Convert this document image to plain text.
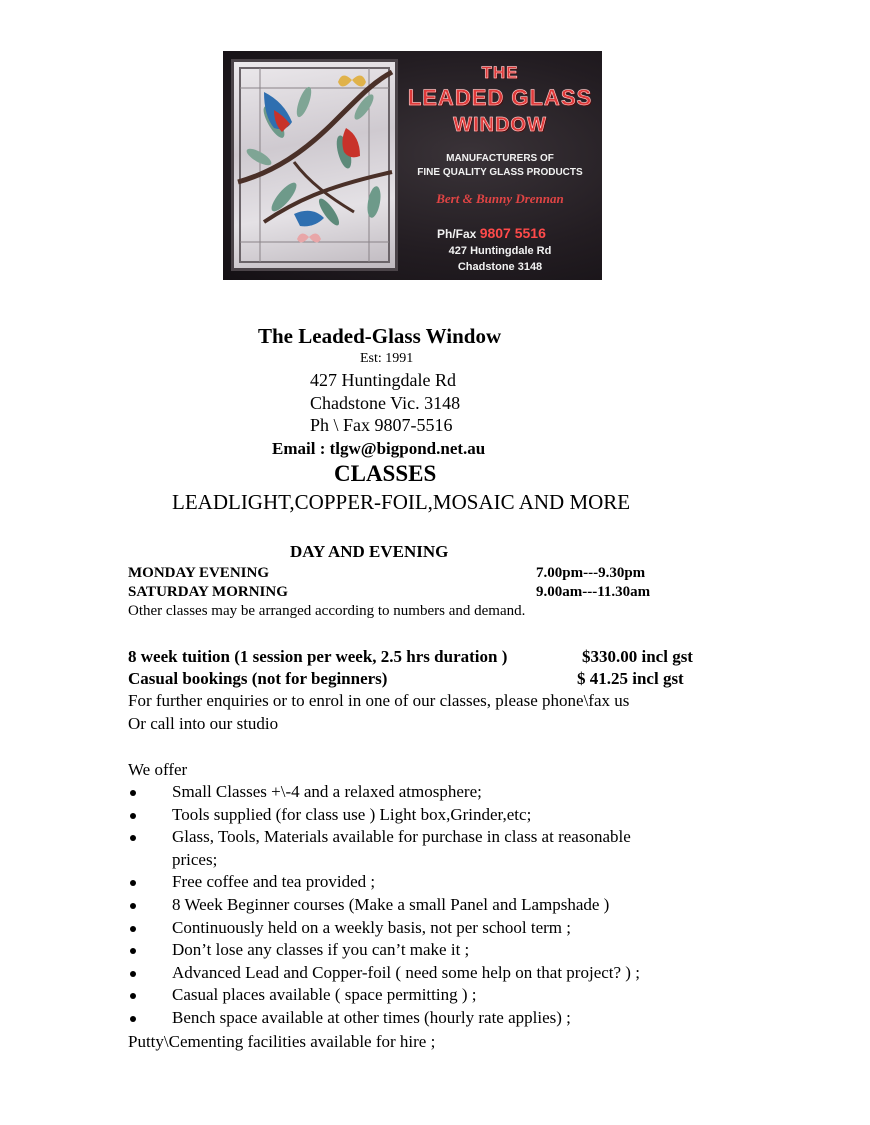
THE
LEADED GLASS
WINDOW
MANUFACTURERS OF
FINE QUALITY GLASS PRODUCTS
Bert & Bunny Drennan
Ph/Fax 9807 5516
427 Huntingdale Rd
Chadstone 3148
The Leaded-Glass Window
Est: 1991
427 Huntingdale Rd
Chadstone Vic. 3148
Ph \ Fax 9807-5516
Email : tlgw@bigpond.net.au
CLASSES
LEADLIGHT,COPPER-FOIL,MOSAIC AND MORE
DAY AND EVENING
MONDAY EVENING	7.00pm---9.30pm
SATURDAY MORNING	9.00am---11.30am
Other classes may be arranged according to numbers and demand.
8 week tuition (1 session per week, 2.5 hrs duration )	$330.00 incl gst
Casual bookings (not for beginners)	$ 41.25 incl gst
For further enquiries or to enrol in one of our classes, please phone\fax us
Or call into our studio
We offer
Small Classes +\-4 and a relaxed atmosphere;
Tools supplied (for class use ) Light box,Grinder,etc;
Glass, Tools, Materials available for purchase in class at reasonable
prices;
Free coffee and tea provided ;
8 Week Beginner courses (Make a small Panel and Lampshade )
Continuously held on a weekly basis, not per school term ;
Don’t lose any classes if you can’t make it ;
Advanced Lead and Copper-foil ( need some help on that project? ) ;
Casual places available ( space permitting ) ;
Bench space available at other times (hourly rate applies) ;
Putty\Cementing facilities available for hire ;
